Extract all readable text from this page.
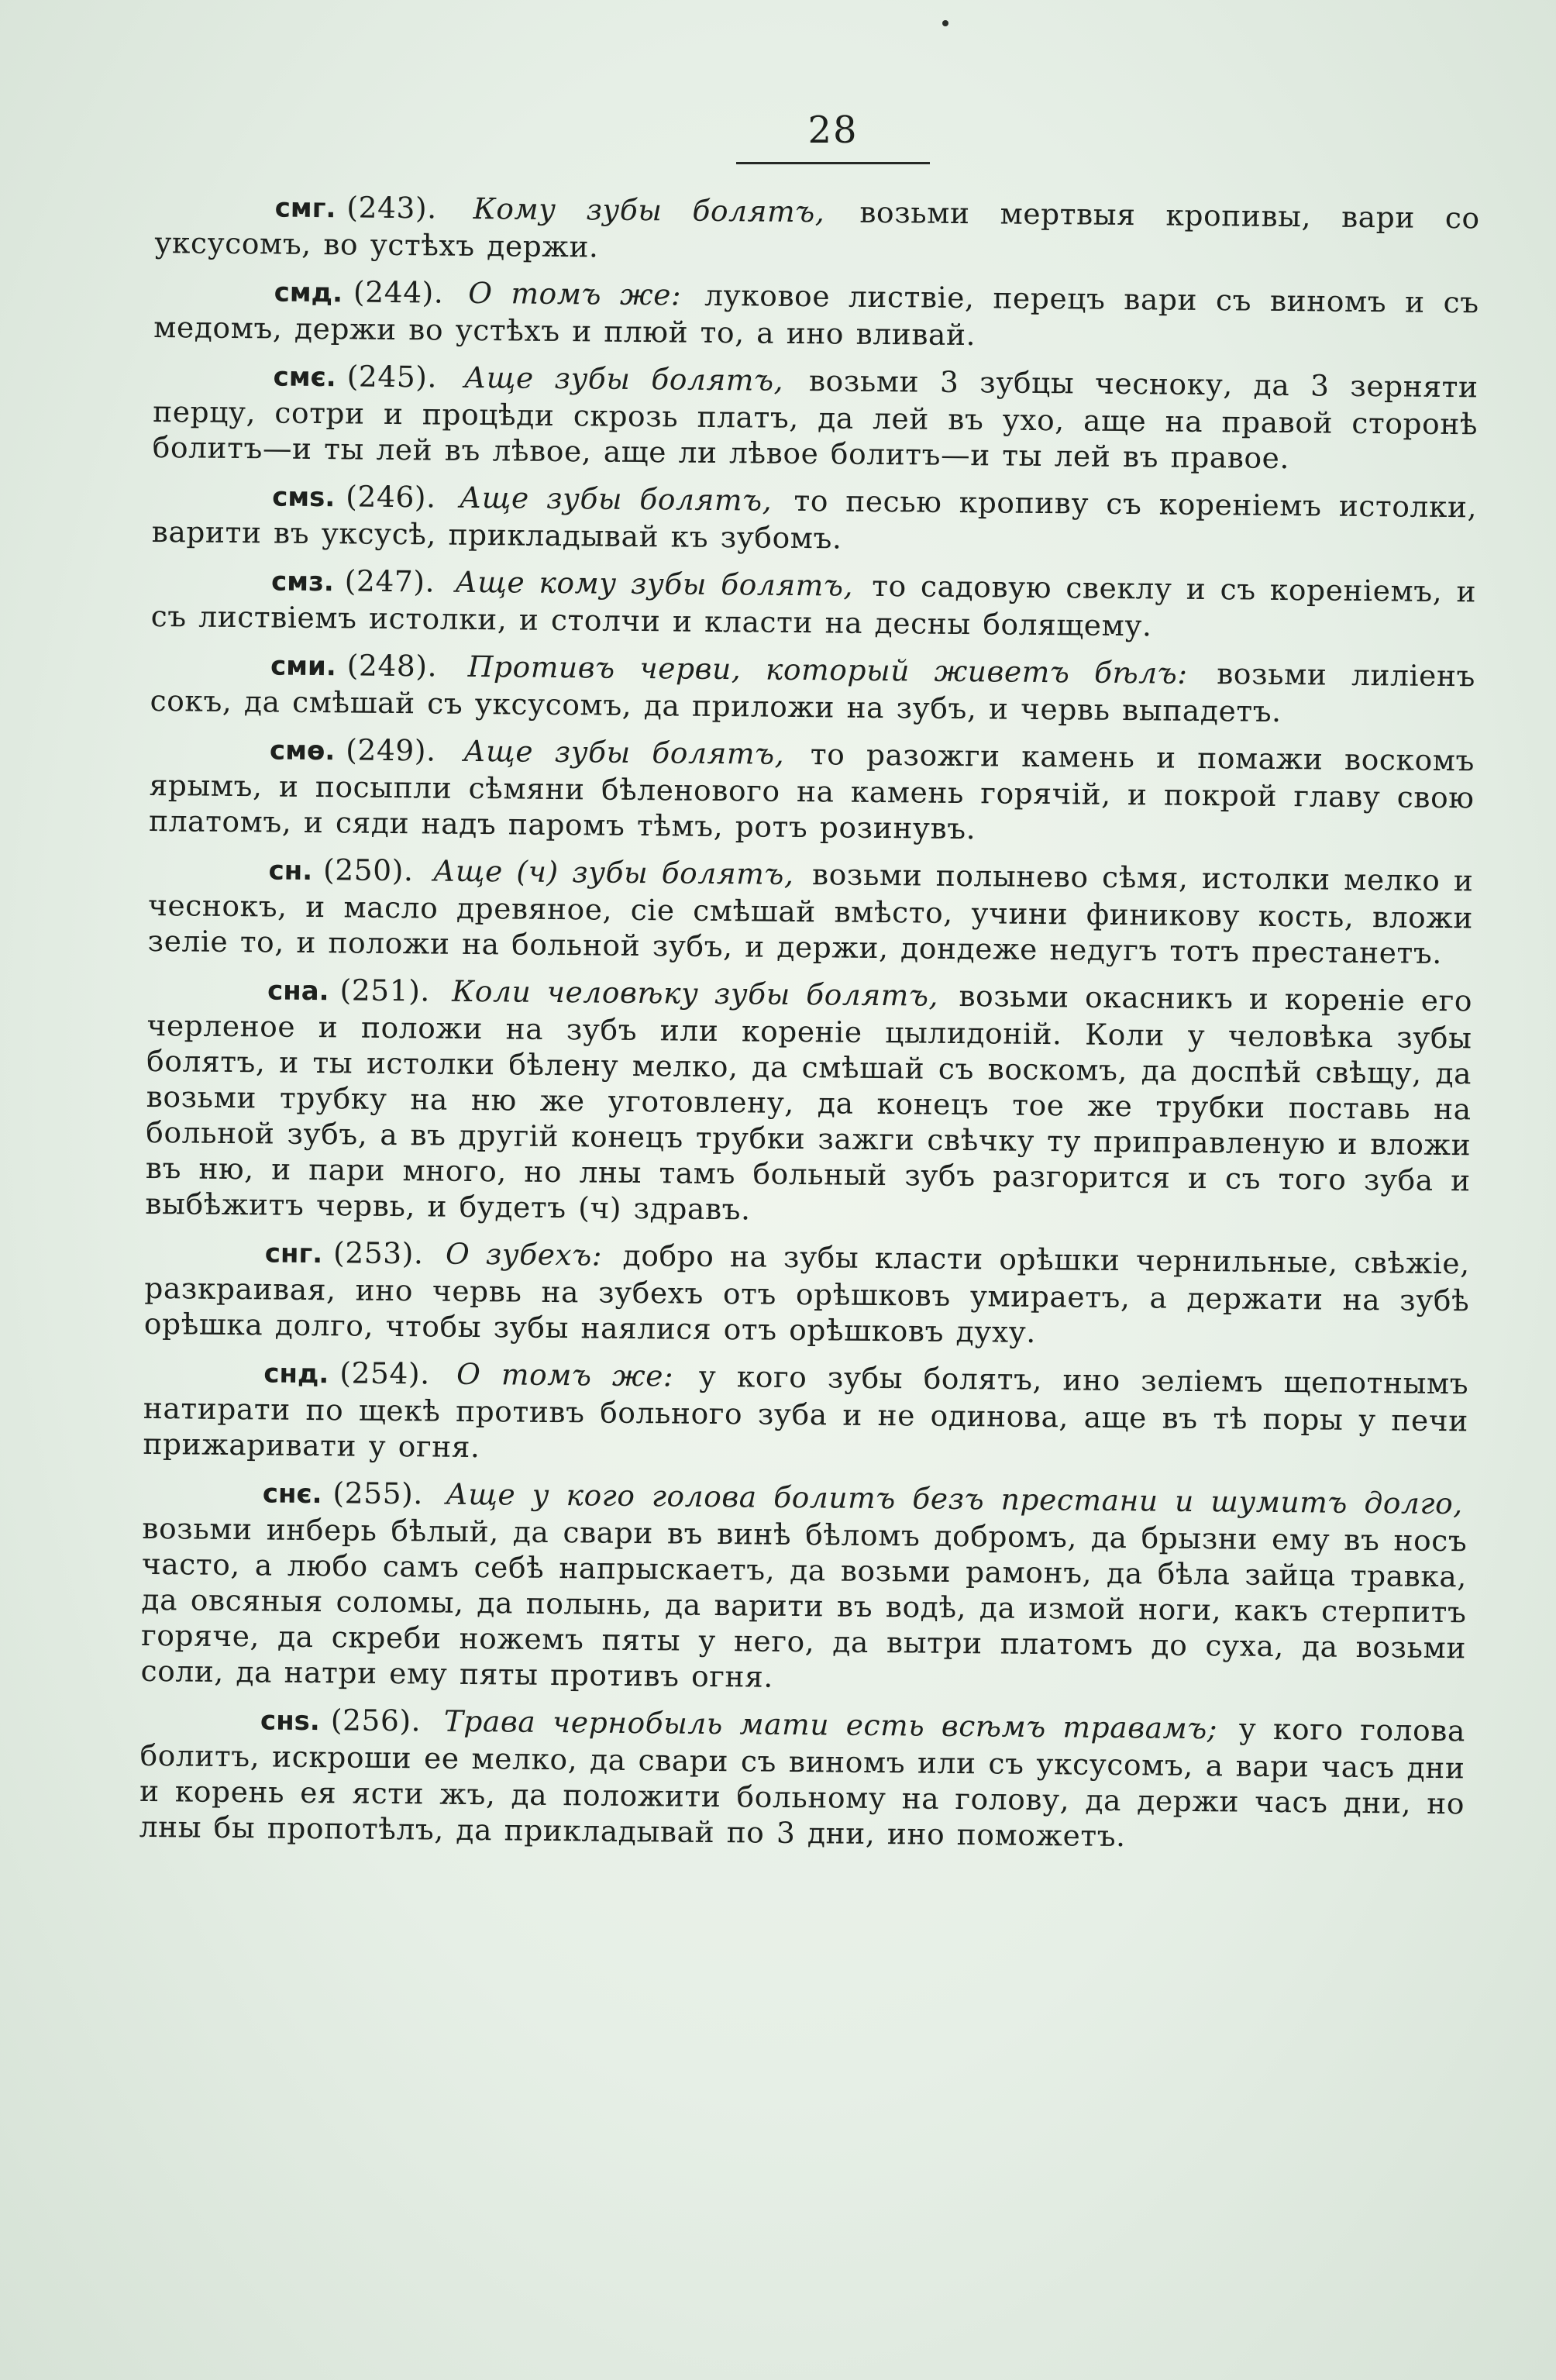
28

смг. (243). Кому зубы болятъ, возьми мертвыя кропивы, вари со уксусомъ, во устѣхъ держи.

смд. (244). О томъ же: луковое листвіе, перецъ вари съ виномъ и съ медомъ, держи во устѣхъ и плюй то, а ино вливай.

смє. (245). Аще зубы болятъ, возьми 3 зубцы чесноку, да 3 зерняти перцу, сотри и процѣди скрозь платъ, да лей въ ухо, аще на правой сторонѣ болитъ—и ты лей въ лѣвое, аще ли лѣвое болитъ—и ты лей въ правое.

смѕ. (246). Аще зубы болятъ, то песью кропиву съ кореніемъ истолки, варити въ уксусѣ, прикладывай къ зубомъ.

смз. (247). Аще кому зубы болятъ, то садовую свеклу и съ кореніемъ, и съ листвіемъ истолки, и столчи и класти на десны болящему.

сми. (248). Противъ черви, который живетъ бѣлъ: возьми лиліенъ сокъ, да смѣшай съ уксусомъ, да приложи на зубъ, и червь выпадетъ.

смѳ. (249). Аще зубы болятъ, то разожги камень и помажи воскомъ ярымъ, и посыпли сѣмяни бѣленового на камень горячій, и покрой главу свою платомъ, и сяди надъ паромъ тѣмъ, ротъ розинувъ.

сн. (250). Аще (ч) зубы болятъ, возьми полынево сѣмя, истолки мелко и чеснокъ, и масло древяное, сіе смѣшай вмѣсто, учини финикову кость, вложи зеліе то, и положи на больной зубъ, и держи, дондеже недугъ тотъ престанетъ.

сна. (251). Коли человѣку зубы болятъ, возьми окасникъ и кореніе его черленое и положи на зубъ или кореніе цылидоній. Коли у человѣка зубы болятъ, и ты истолки бѣлену мелко, да смѣшай съ воскомъ, да доспѣй свѣщу, да возьми трубку на ню же уготовлену, да конецъ тое же трубки поставь на больной зубъ, а въ другій конецъ трубки зажги свѣчку ту приправленую и вложи въ ню, и пари много, но лны тамъ больный зубъ разгорится и съ того зуба и выбѣжитъ червь, и будетъ (ч) здравъ.

снг. (253). О зубехъ: добро на зубы класти орѣшки чернильные, свѣжіе, разкраивая, ино червь на зубехъ отъ орѣшковъ умираетъ, а держати на зубѣ орѣшка долго, чтобы зубы наялися отъ орѣшковъ духу.

снд. (254). О томъ же: у кого зубы болятъ, ино зеліемъ щепотнымъ натирати по щекѣ противъ больного зуба и не одинова, аще въ тѣ поры у печи прижаривати у огня.

снє. (255). Аще у кого голова болитъ безъ престани и шумитъ долго, возьми инберь бѣлый, да свари въ винѣ бѣломъ добромъ, да брызни ему въ носъ часто, а любо самъ себѣ напрыскаетъ, да возьми рамонъ, да бѣла зайца травка, да овсяныя соломы, да полынь, да варити въ водѣ, да измой ноги, какъ стерпитъ горяче, да скреби ножемъ пяты у него, да вытри платомъ до суха, да возьми соли, да натри ему пяты противъ огня.

снѕ. (256). Трава чернобыль мати есть всѣмъ травамъ; у кого голова болитъ, искроши ее мелко, да свари съ виномъ или съ уксусомъ, а вари часъ дни и корень ея ясти жъ, да положити больному на голову, да держи часъ дни, но лны бы пропотѣлъ, да прикладывай по 3 дни, ино поможетъ.
